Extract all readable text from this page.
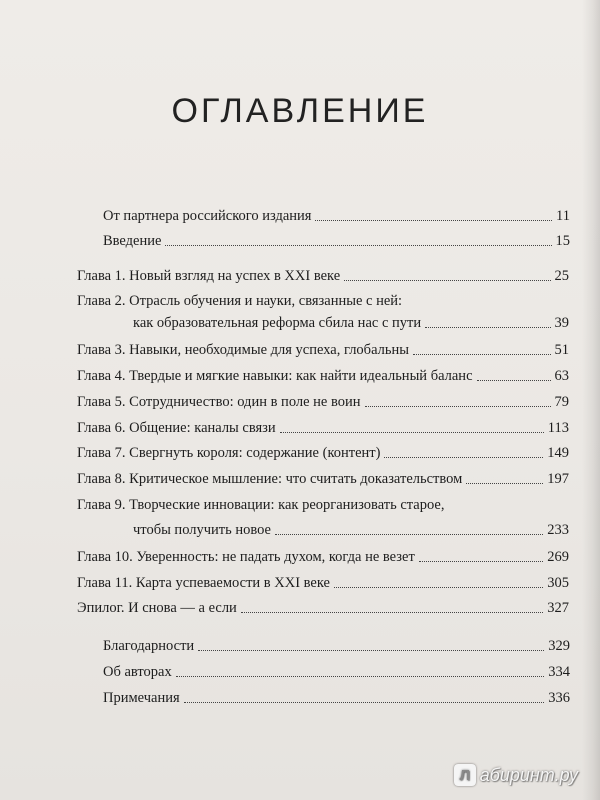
ОГЛАВЛЕНИЕ
От партнера российского издания	11
Введение	15
Глава 1. Новый взгляд на успех в XXI веке	25
Глава 2. Отрасль обучения и науки, связанные с ней:
как образовательная реформа сбила нас с пути	39
Глава 3. Навыки, необходимые для успеха, глобальны	51
Глава 4. Твердые и мягкие навыки: как найти идеальный баланс	63
Глава 5. Сотрудничество: один в поле не воин	79
Глава 6. Общение: каналы связи	113
Глава 7. Свергнуть короля: содержание (контент)	149
Глава 8. Критическое мышление: что считать доказательством	197
Глава 9. Творческие инновации: как реорганизовать старое,
чтобы получить новое	233
Глава 10. Уверенность: не падать духом, когда не везет	269
Глава 11. Карта успеваемости в XXI веке	305
Эпилог. И снова — а если	327
Благодарности	329
Об авторах	334
Примечания	336
Л абиринт.ру
